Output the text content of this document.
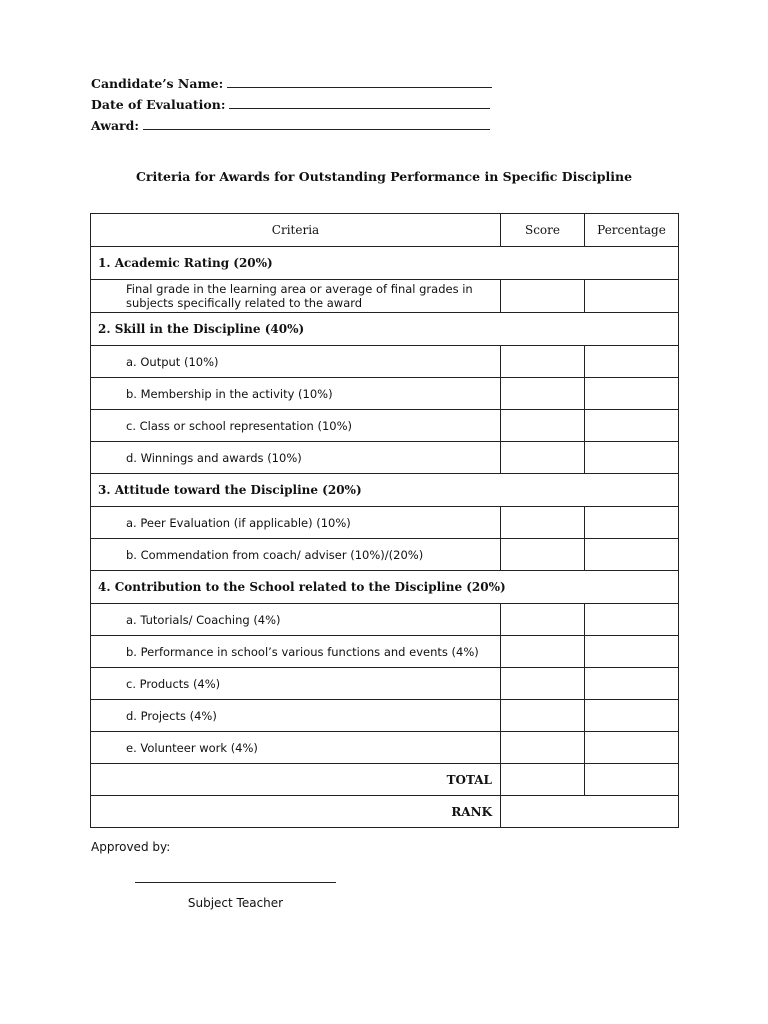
Candidate’s Name:
Date of Evaluation:
Award:
Criteria for Awards for Outstanding Performance in Specific Discipline
Criteria	Score	Percentage
1. Academic Rating (20%)		
Final grade in the learning area or average of final grades in subjects specifically related to the award		
2. Skill in the Discipline (40%)		
a. Output (10%)		
b. Membership in the activity (10%)		
c. Class or school representation (10%)		
d. Winnings and awards (10%)		
3. Attitude toward the Discipline (20%)		
a. Peer Evaluation (if applicable) (10%)		
b. Commendation from coach/ adviser (10%)/(20%)		
4. Contribution to the School related to the Discipline (20%)		
a. Tutorials/ Coaching (4%)		
b. Performance in school’s various functions and events (4%)		
c. Products (4%)		
d. Projects (4%)		
e. Volunteer work (4%)		
TOTAL		
RANK		
Approved by:
Subject Teacher
